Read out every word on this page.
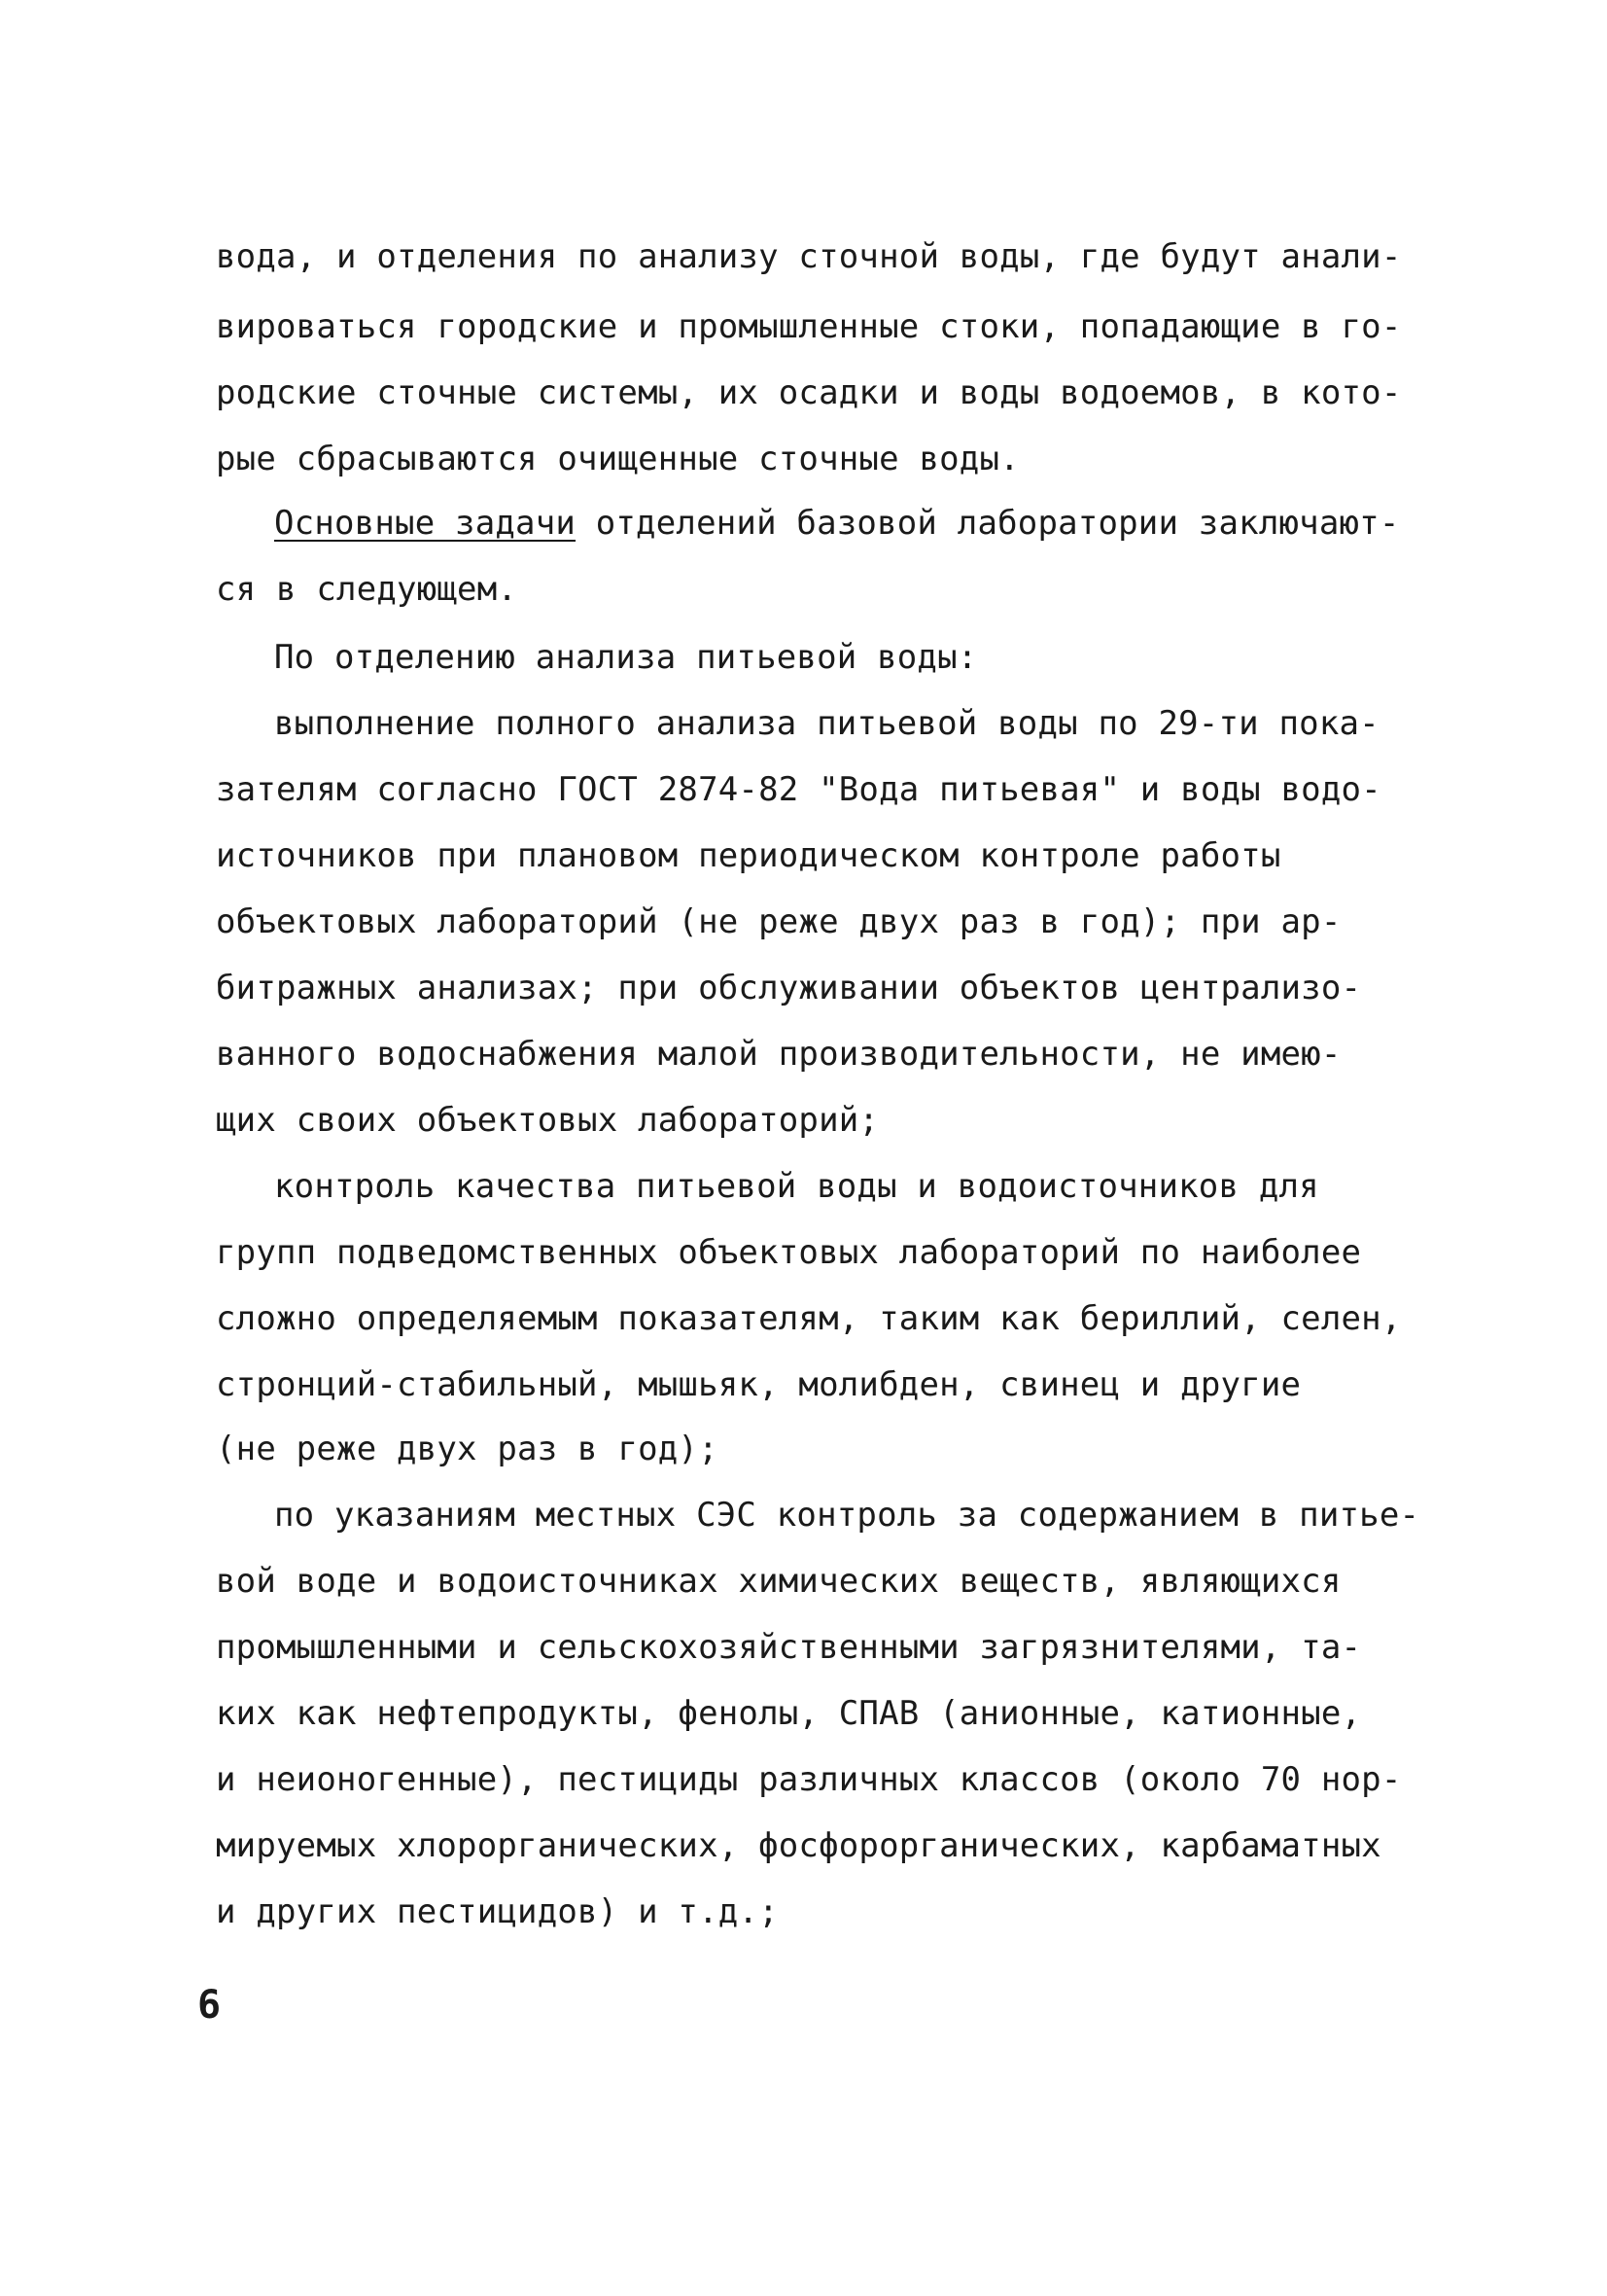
вода, и отделения по анализу сточной воды, где будут анали-
вироваться городские и промышленные стоки, попадающие в го-
родские сточные системы, их осадки и воды водоемов, в кото-
рые сбрасываются очищенные сточные воды.
Основные задачи отделений базовой лаборатории заключают-
ся в следующем.
По отделению анализа питьевой воды:
выполнение полного анализа питьевой воды по 29-ти пока-
зателям согласно ГОСТ 2874-82 "Вода питьевая" и воды водо-
источников при плановом периодическом контроле работы
объектовых лабораторий (не реже двух раз в год); при ар-
битражных анализах; при обслуживании объектов централизо-
ванного водоснабжения малой производительности, не имею-
щих своих объектовых лабораторий;
контроль качества питьевой воды и водоисточников для
групп подведомственных объектовых лабораторий по наиболее
сложно определяемым показателям, таким как бериллий, селен,
стронций-стабильный, мышьяк, молибден, свинец и другие
(не реже двух раз в год);
по указаниям местных СЭС контроль за содержанием в питье-
вой воде и водоисточниках химических веществ, являющихся
промышленными и сельскохозяйственными загрязнителями, та-
ких как нефтепродукты, фенолы, СПАВ (анионные, катионные,
и неионогенные), пестициды различных классов (около 70 нор-
мируемых хлорорганических, фосфорорганических, карбаматных
и других пестицидов) и т.д.;
6
